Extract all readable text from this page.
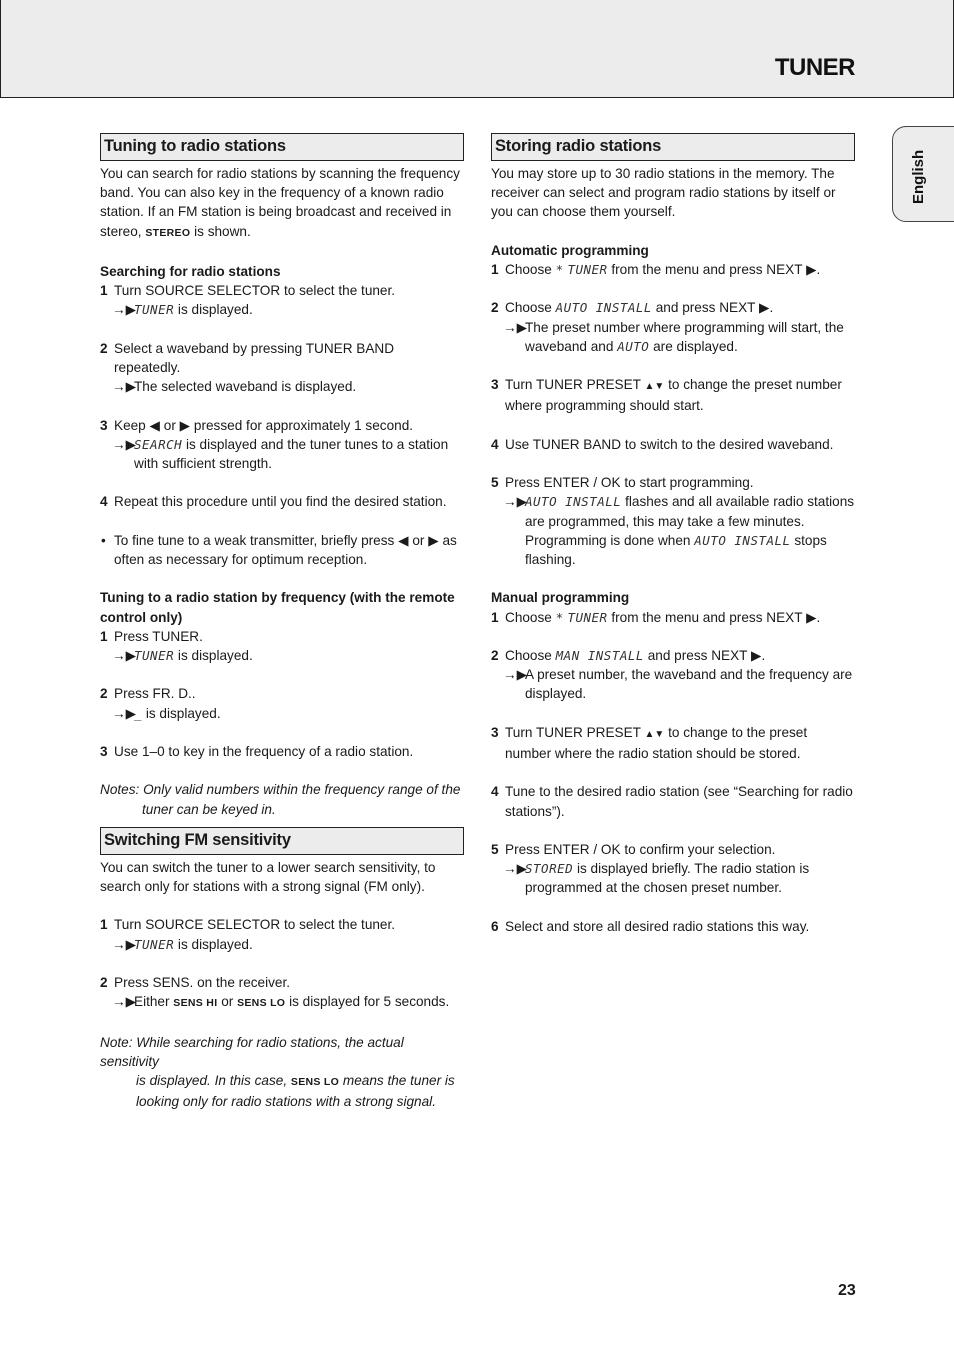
TUNER
English
Tuning to radio stations
You can search for radio stations by scanning the frequency band. You can also key in the frequency of a known radio station. If an FM station is being broadcast and received in stereo, STEREO is shown.
Searching for radio stations
1 Turn SOURCE SELECTOR to select the tuner.
→▶
TUNER is displayed.
2 Select a waveband by pressing TUNER BAND repeatedly.
→▶
The selected waveband is displayed.
3 Keep ◀ or ▶ pressed for approximately 1 second.
→▶
SEARCH is displayed and the tuner tunes to a station with sufficient strength.
4 Repeat this procedure until you find the desired station.
• To fine tune to a weak transmitter, briefly press ◀ or ▶ as often as necessary for optimum reception.
Tuning to a radio station by frequency (with the remote control only)
1 Press TUNER.
→▶
TUNER is displayed.
2 Press FR. D..
→▶
_ is displayed.
3 Use 1–0 to key in the frequency of a radio station.
Notes: Only valid numbers within the frequency range of the
tuner can be keyed in.
Switching FM sensitivity
You can switch the tuner to a lower search sensitivity, to search only for stations with a strong signal (FM only).
1 Turn SOURCE SELECTOR to select the tuner.
→▶
TUNER is displayed.
2 Press SENS. on the receiver.
→▶
Either SENS HI or SENS LO is displayed for 5 seconds.
Note: While searching for radio stations, the actual sensitivity
is displayed. In this case, SENS LO means the tuner is
looking only for radio stations with a strong signal.
Storing radio stations
You may store up to 30 radio stations in the memory. The receiver can select and program radio stations by itself or you can choose them yourself.
Automatic programming
1 Choose * TUNER from the menu and press NEXT ▶.
2 Choose AUTO INSTALL and press NEXT ▶.
→▶
The preset number where programming will start, the waveband and AUTO are displayed.
3 Turn TUNER PRESET ▲▼ to change the preset number where programming should start.
4 Use TUNER BAND to switch to the desired waveband.
5 Press ENTER / OK to start programming.
→▶
AUTO INSTALL flashes and all available radio stations are programmed, this may take a few minutes. Programming is done when AUTO INSTALL stops flashing.
Manual programming
1 Choose * TUNER from the menu and press NEXT ▶.
2 Choose MAN INSTALL and press NEXT ▶.
→▶
A preset number, the waveband and the frequency are displayed.
3 Turn TUNER PRESET ▲▼ to change to the preset number where the radio station should be stored.
4 Tune to the desired radio station (see “Searching for radio stations”).
5 Press ENTER / OK to confirm your selection.
→▶
STORED is displayed briefly. The radio station is programmed at the chosen preset number.
6 Select and store all desired radio stations this way.
23
